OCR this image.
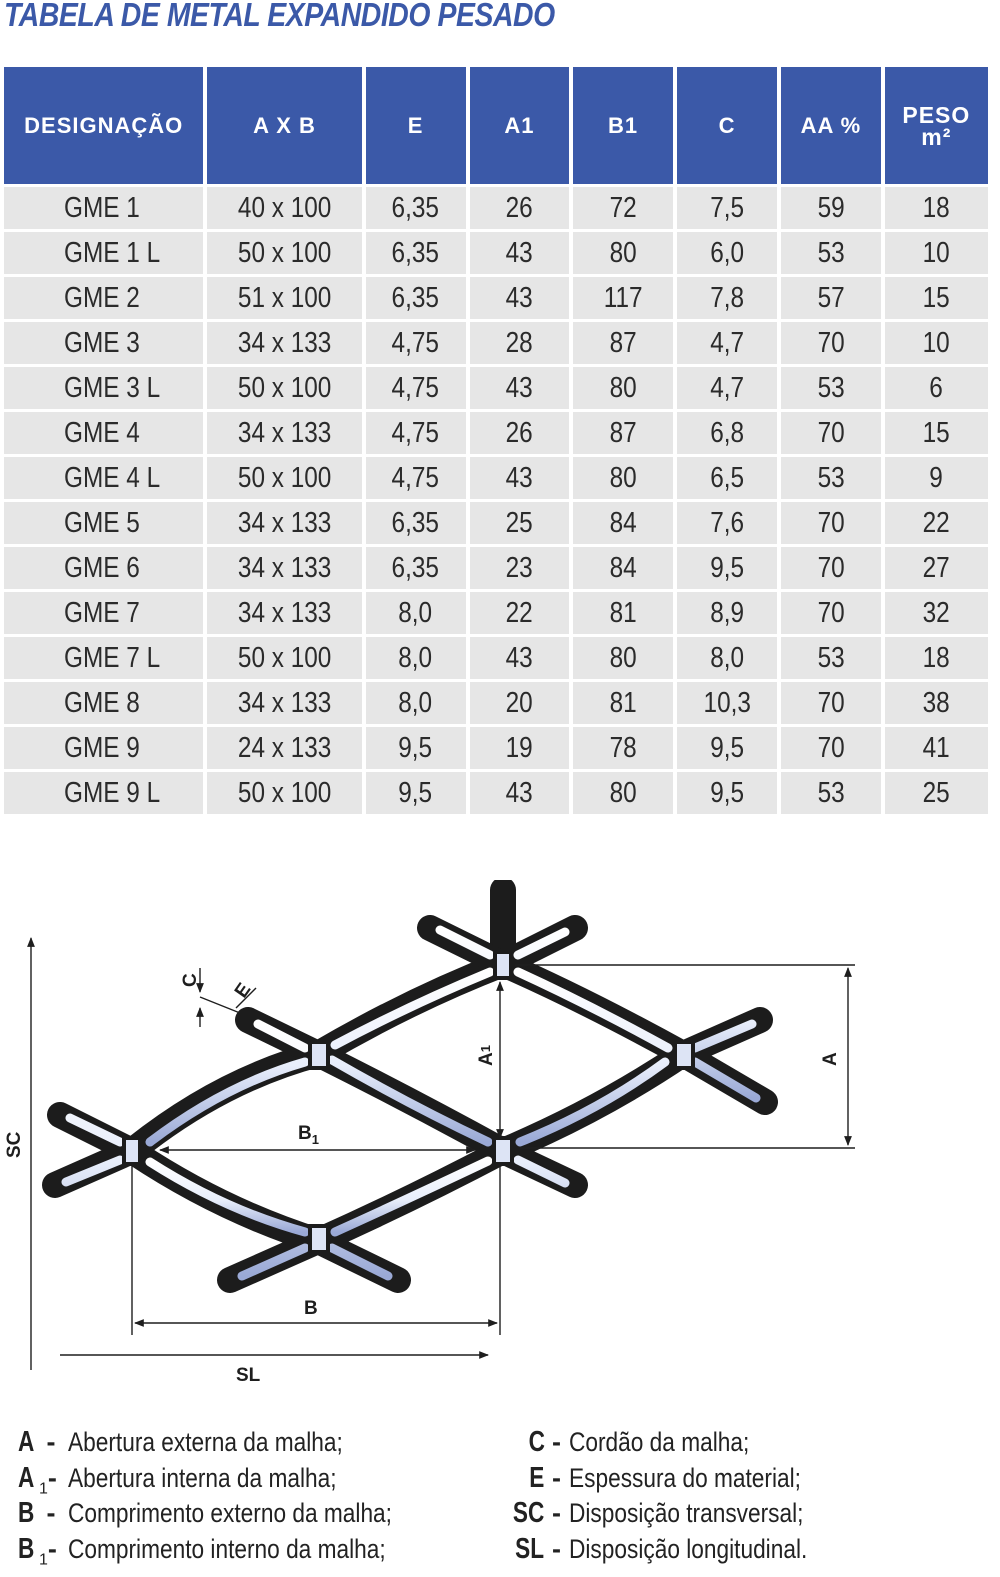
TABELA DE METAL EXPANDIDO PESADO
DESIGNAÇÃO	A X B	E	A1	B1	C	AA %	PESO
m²
GME 1	40 x 100	6,35	26	72	7,5	59	18
GME 1 L	50 x 100	6,35	43	80	6,0	53	10
GME 2	51 x 100	6,35	43	117	7,8	57	15
GME 3	34 x 133	4,75	28	87	4,7	70	10
GME 3 L	50 x 100	4,75	43	80	4,7	53	6
GME 4	34 x 133	4,75	26	87	6,8	70	15
GME 4 L	50 x 100	4,75	43	80	6,5	53	9
GME 5	34 x 133	6,35	25	84	7,6	70	22
GME 6	34 x 133	6,35	23	84	9,5	70	27
GME 7	34 x 133	8,0	22	81	8,9	70	32
GME 7 L	50 x 100	8,0	43	80	8,0	53	18
GME 8	34 x 133	8,0	20	81	10,3	70	38
GME 9	24 x 133	9,5	19	78	9,5	70	41
GME 9 L	50 x 100	9,5	43	80	9,5	53	25
C E
A1
A
$B_1$
B
SC
SL
A - Abertura externa da malha;
A $_1$- Abertura interna da malha;
B - Comprimento externo da malha;
B $_1$- Comprimento interno da malha;
C - Cordão da malha;
E - Espessura do material;
SC - Disposição transversal;
SL - Disposição longitudinal.
